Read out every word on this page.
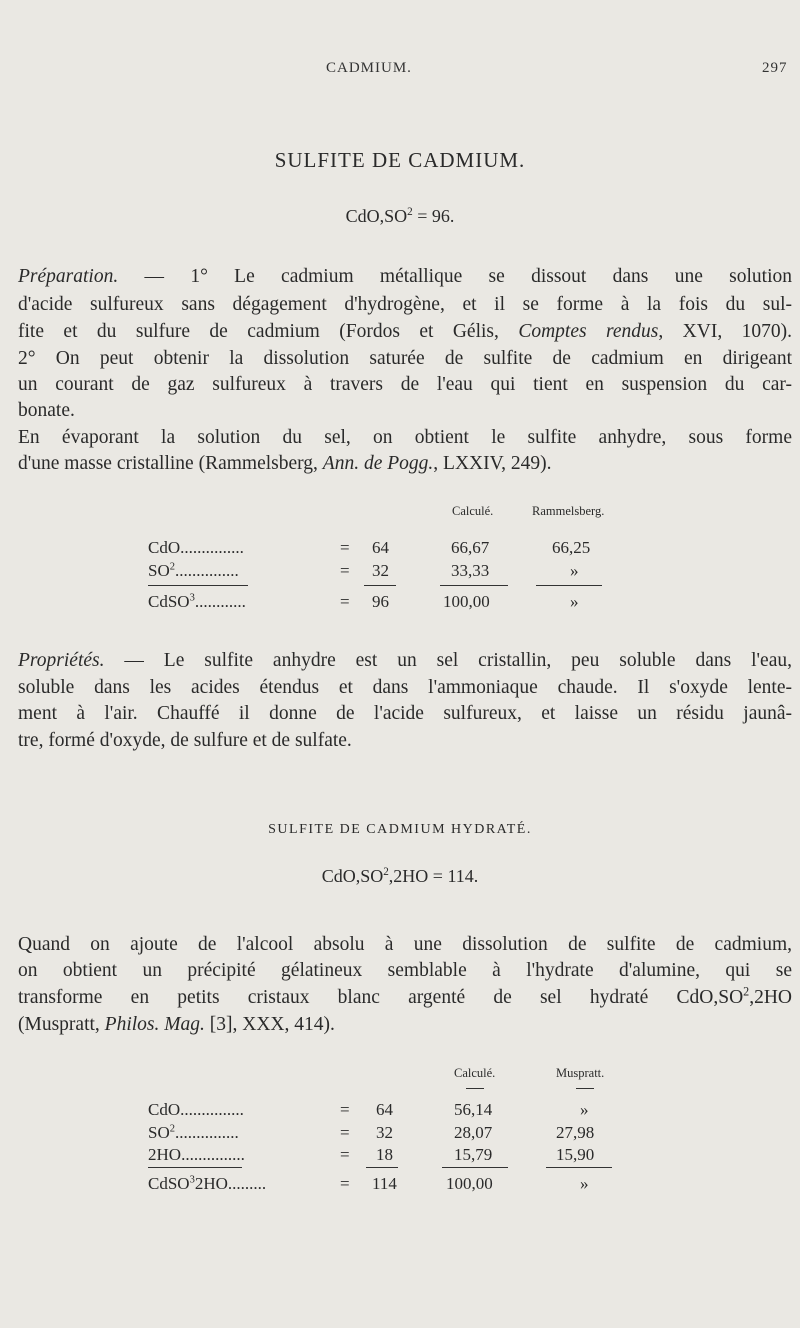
CADMIUM.	297
SULFITE DE CADMIUM.
$CdO,SO^2 = 96$.
Préparation. — 1° Le cadmium métallique se dissout dans une solution
d'acide sulfureux sans dégagement d'hydrogène, et il se forme à la fois du sul-
fite et du sulfure de cadmium (Fordos et Gélis, Comptes rendus, XVI, 1070).
2° On peut obtenir la dissolution saturée de sulfite de cadmium en dirigeant
un courant de gaz sulfureux à travers de l'eau qui tient en suspension du car-
bonate.
En évaporant la solution du sel, on obtient le sulfite anhydre, sous forme
d'une masse cristalline (Rammelsberg, Ann. de Pogg., LXXIV, 249).
Calculé.	Rammelsberg.
CdO...............	= 64	66,67	66,25
$SO^2$...............	= 32	33,33	»
CdSO$^3$............	= 96	100,00	»
Propriétés. — Le sulfite anhydre est un sel cristallin, peu soluble dans l'eau,
soluble dans les acides étendus et dans l'ammoniaque chaude. Il s'oxyde lente-
ment à l'air. Chauffé il donne de l'acide sulfureux, et laisse un résidu jaunâ-
tre, formé d'oxyde, de sulfure et de sulfate.
SULFITE DE CADMIUM HYDRATÉ.
$CdO,SO^2,2HO = 114$.
Quand on ajoute de l'alcool absolu à une dissolution de sulfite de cadmium,
on obtient un précipité gélatineux semblable à l'hydrate d'alumine, qui se
transforme en petits cristaux blanc argenté de sel hydraté $CdO,SO^2,2HO$
(Muspratt, Philos. Mag. [3], XXX, 414).
Calculé.	Muspratt.
CdO...............	= 64	56,14	»
$SO^2$...............	= 32	28,07	27,98
2HO...............	= 18	15,79	15,90
CdSO$^3$2HO.........	= 114	100,00	»
